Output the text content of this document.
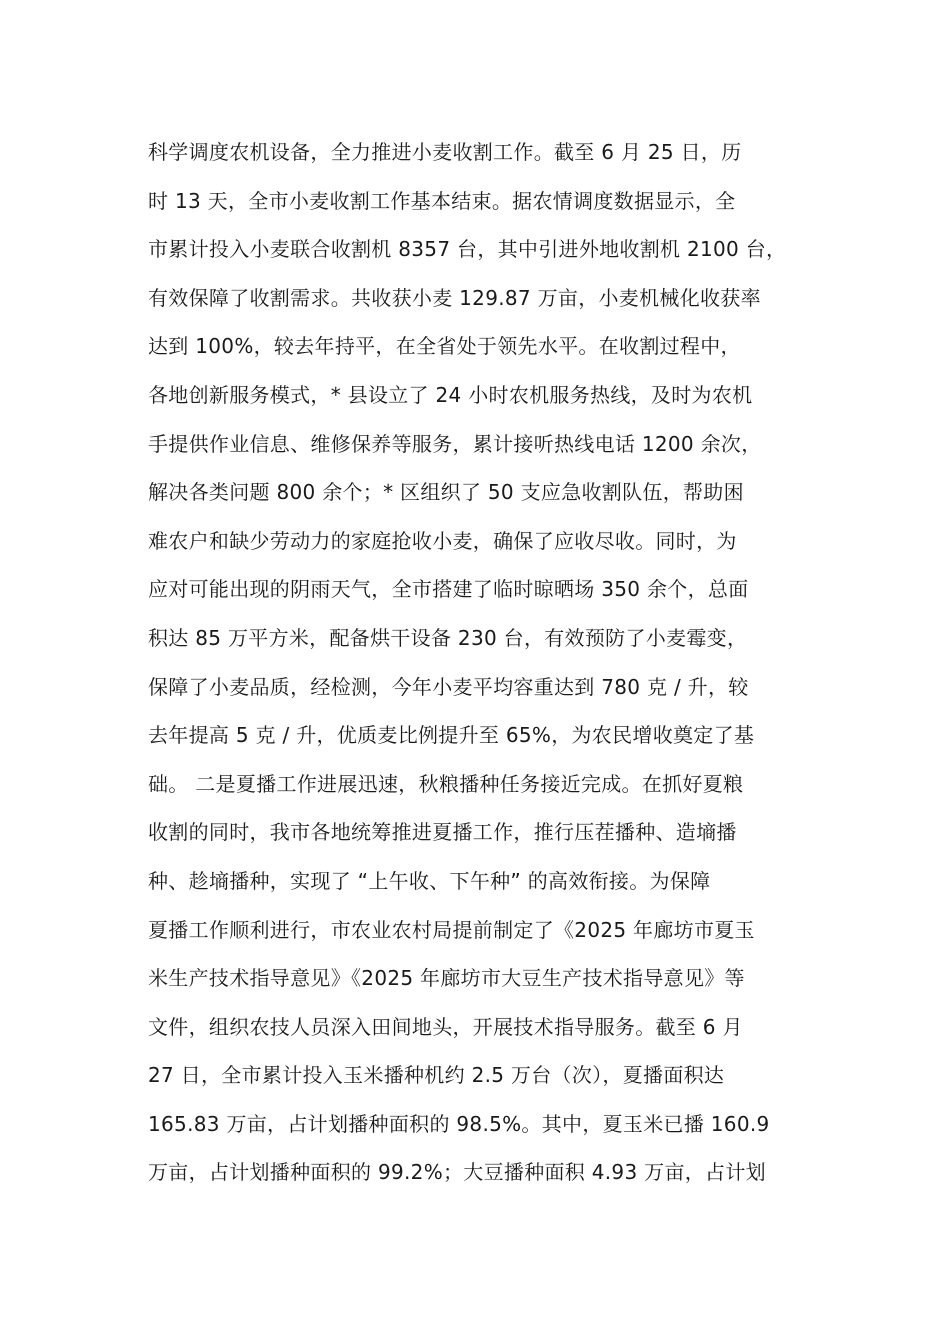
科学调度农机设备，全力推进小麦收割工作。截至 6 月 25 日，历
时 13 天，全市小麦收割工作基本结束。据农情调度数据显示，全
市累计投入小麦联合收割机 8357 台，其中引进外地收割机 2100 台，
有效保障了收割需求。共收获小麦 129.87 万亩，小麦机械化收获率
达到 100%，较去年持平，在全省处于领先水平。在收割过程中，
各地创新服务模式，* 县设立了 24 小时农机服务热线，及时为农机
手提供作业信息、维修保养等服务，累计接听热线电话 1200 余次，
解决各类问题 800 余个；* 区组织了 50 支应急收割队伍，帮助困
难农户和缺少劳动力的家庭抢收小麦，确保了应收尽收。同时，为
应对可能出现的阴雨天气，全市搭建了临时晾晒场 350 余个，总面
积达 85 万平方米，配备烘干设备 230 台，有效预防了小麦霉变，
保障了小麦品质，经检测，今年小麦平均容重达到 780 克 / 升，较
去年提高 5 克 / 升，优质麦比例提升至 65%，为农民增收奠定了基
础。 二是夏播工作进展迅速，秋粮播种任务接近完成。在抓好夏粮
收割的同时，我市各地统筹推进夏播工作，推行压茬播种、造墒播
种、趁墒播种，实现了 “上午收、下午种” 的高效衔接。为保障
夏播工作顺利进行，市农业农村局提前制定了《2025 年廊坊市夏玉
米生产技术指导意见》《2025 年廊坊市大豆生产技术指导意见》等
文件，组织农技人员深入田间地头，开展技术指导服务。截至 6 月
27 日，全市累计投入玉米播种机约 2.5 万台（次），夏播面积达
165.83 万亩，占计划播种面积的 98.5%。其中，夏玉米已播 160.9
万亩，占计划播种面积的 99.2%；大豆播种面积 4.93 万亩，占计划
